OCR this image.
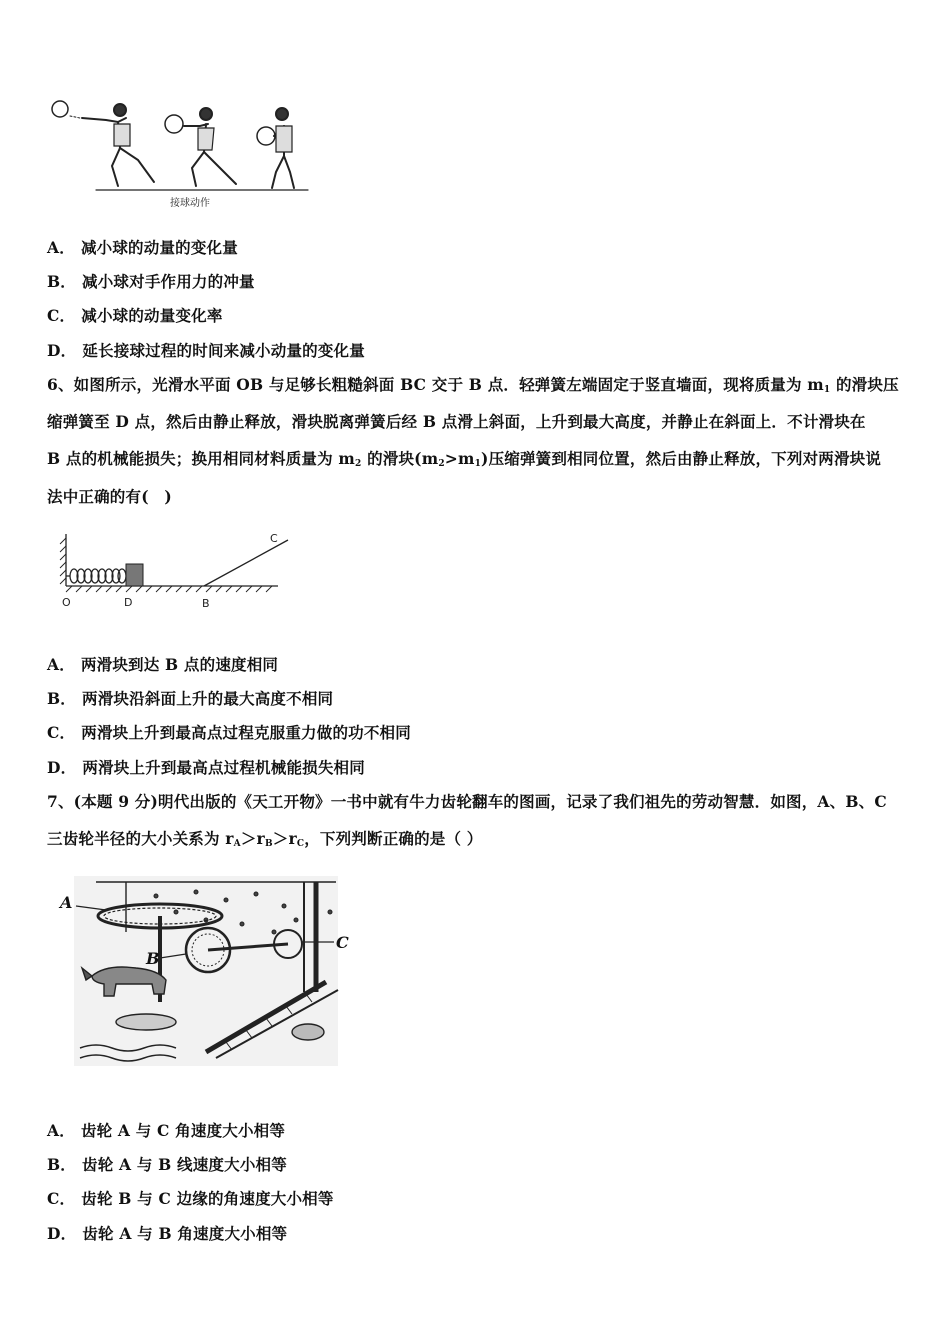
接球动作
A． 减小球的动量的变化量
B． 减小球对手作用力的冲量
C． 减小球的动量变化率
D． 延长接球过程的时间来减小动量的变化量
6、如图所示，光滑水平面 OB 与足够长粗糙斜面 BC 交于 B 点．轻弹簧左端固定于竖直墙面，现将质量为 $m_1$ 的滑块压
缩弹簧至 D 点，然后由静止释放，滑块脱离弹簧后经 B 点滑上斜面，上升到最大高度，并静止在斜面上．不计滑块在
B 点的机械能损失；换用相同材料质量为 $m_2$ 的滑块$(m_2>m_1)$压缩弹簧到相同位置，然后由静止释放，下列对两滑块说
法中正确的有(　)
O	D	B
C
A． 两滑块到达 B 点的速度相同
B． 两滑块沿斜面上升的最大高度不相同
C． 两滑块上升到最高点过程克服重力做的功不相同
D． 两滑块上升到最高点过程机械能损失相同
7、(本题 9 分)明代出版的《天工开物》一书中就有牛力齿轮翻车的图画，记录了我们祖先的劳动智慧．如图，A、B、C
三齿轮半径的大小关系为 $r_A>r_B>r_C$，下列判断正确的是（ ）
A
B
C
A． 齿轮 A 与 C 角速度大小相等
B． 齿轮 A 与 B 线速度大小相等
C． 齿轮 B 与 C 边缘的角速度大小相等
D． 齿轮 A 与 B 角速度大小相等
